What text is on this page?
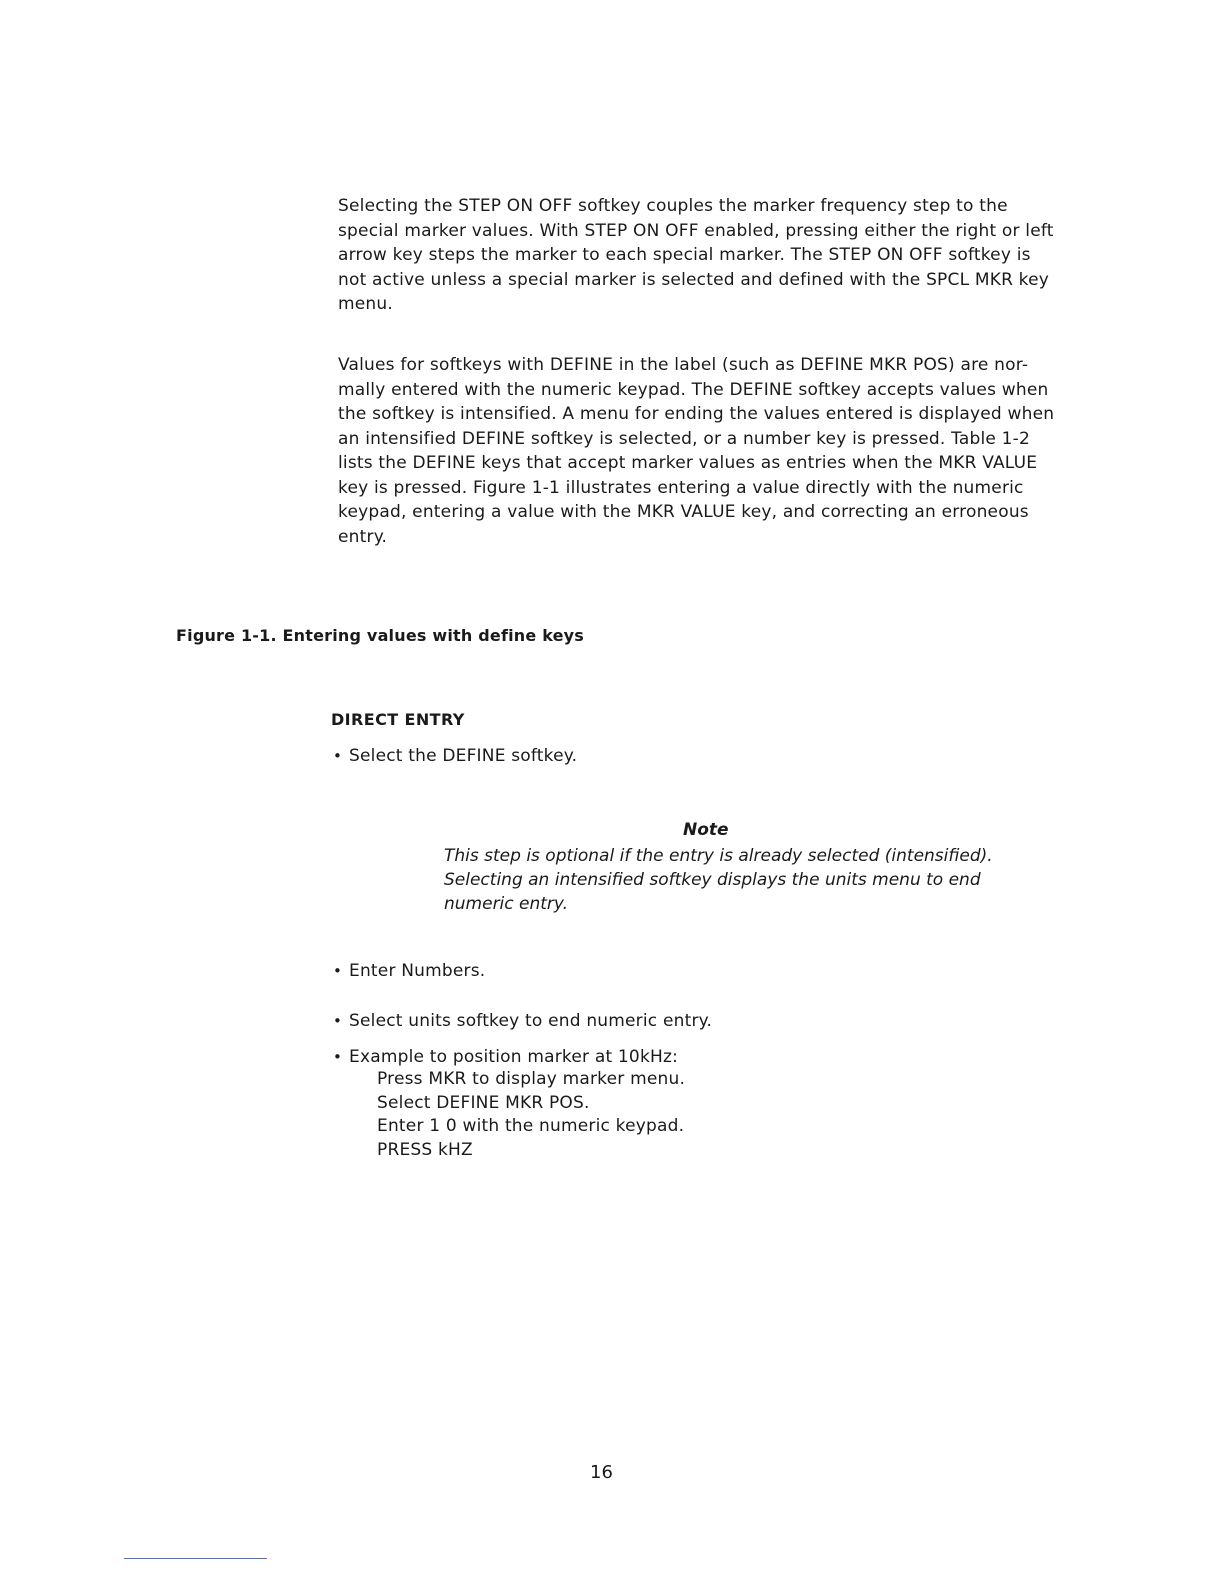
Selecting the STEP ON OFF softkey couples the marker frequency step to the
special marker values. With STEP ON OFF enabled, pressing either the right or left
arrow key steps the marker to each special marker. The STEP ON OFF softkey is
not active unless a special marker is selected and defined with the SPCL MKR key
menu.

Values for softkeys with DEFINE in the label (such as DEFINE MKR POS) are nor-
mally entered with the numeric keypad. The DEFINE softkey accepts values when
the softkey is intensified. A menu for ending the values entered is displayed when
an intensified DEFINE softkey is selected, or a number key is pressed. Table 1-2
lists the DEFINE keys that accept marker values as entries when the MKR VALUE
key is pressed. Figure 1-1 illustrates entering a value directly with the numeric
keypad, entering a value with the MKR VALUE key, and correcting an erroneous
entry.

Figure 1-1. Entering values with define keys

DIRECT ENTRY

• Select the DEFINE softkey.

Note

This step is optional if the entry is already selected (intensified).
Selecting an intensified softkey displays the units menu to end
numeric entry.

• Enter Numbers.
• Select units softkey to end numeric entry.
• Example to position marker at 10kHz:
Press MKR to display marker menu.
Select DEFINE MKR POS.
Enter 1 0 with the numeric keypad.
PRESS kHZ

16
